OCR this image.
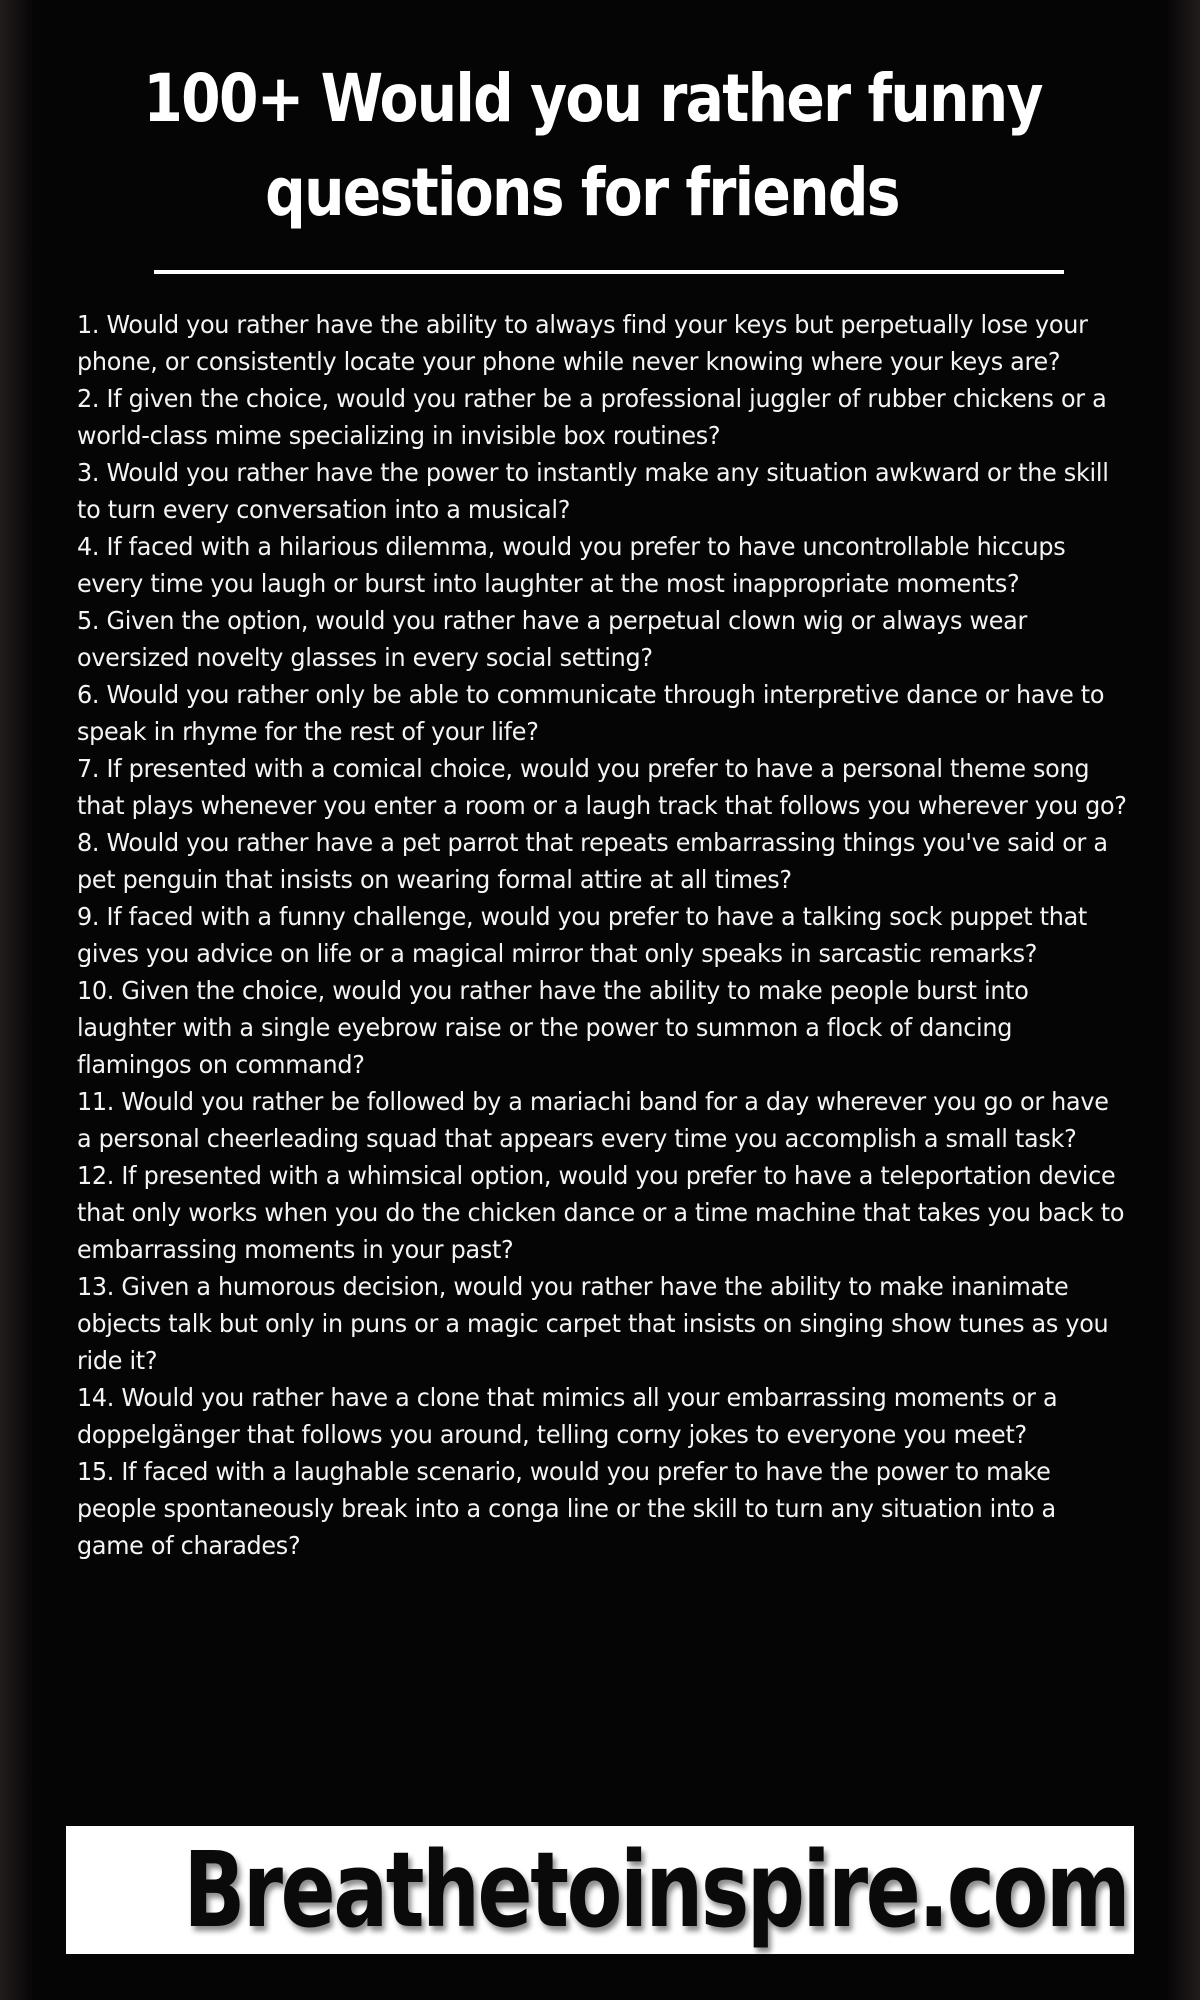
100+ Would you rather funny
questions for friends
1. Would you rather have the ability to always find your keys but perpetually lose your phone, or consistently locate your phone while never knowing where your keys are?
2. If given the choice, would you rather be a professional juggler of rubber chickens or a world-class mime specializing in invisible box routines?
3. Would you rather have the power to instantly make any situation awkward or the skill to turn every conversation into a musical?
4. If faced with a hilarious dilemma, would you prefer to have uncontrollable hiccups every time you laugh or burst into laughter at the most inappropriate moments?
5. Given the option, would you rather have a perpetual clown wig or always wear oversized novelty glasses in every social setting?
6. Would you rather only be able to communicate through interpretive dance or have to speak in rhyme for the rest of your life?
7. If presented with a comical choice, would you prefer to have a personal theme song that plays whenever you enter a room or a laugh track that follows you wherever you go?
8. Would you rather have a pet parrot that repeats embarrassing things you've said or a pet penguin that insists on wearing formal attire at all times?
9. If faced with a funny challenge, would you prefer to have a talking sock puppet that gives you advice on life or a magical mirror that only speaks in sarcastic remarks?
10. Given the choice, would you rather have the ability to make people burst into laughter with a single eyebrow raise or the power to summon a flock of dancing flamingos on command?
11. Would you rather be followed by a mariachi band for a day wherever you go or have a personal cheerleading squad that appears every time you accomplish a small task?
12. If presented with a whimsical option, would you prefer to have a teleportation device that only works when you do the chicken dance or a time machine that takes you back to embarrassing moments in your past?
13. Given a humorous decision, would you rather have the ability to make inanimate objects talk but only in puns or a magic carpet that insists on singing show tunes as you ride it?
14. Would you rather have a clone that mimics all your embarrassing moments or a doppelgänger that follows you around, telling corny jokes to everyone you meet?
15. If faced with a laughable scenario, would you prefer to have the power to make people spontaneously break into a conga line or the skill to turn any situation into a game of charades?
Breathetoinspire.com
